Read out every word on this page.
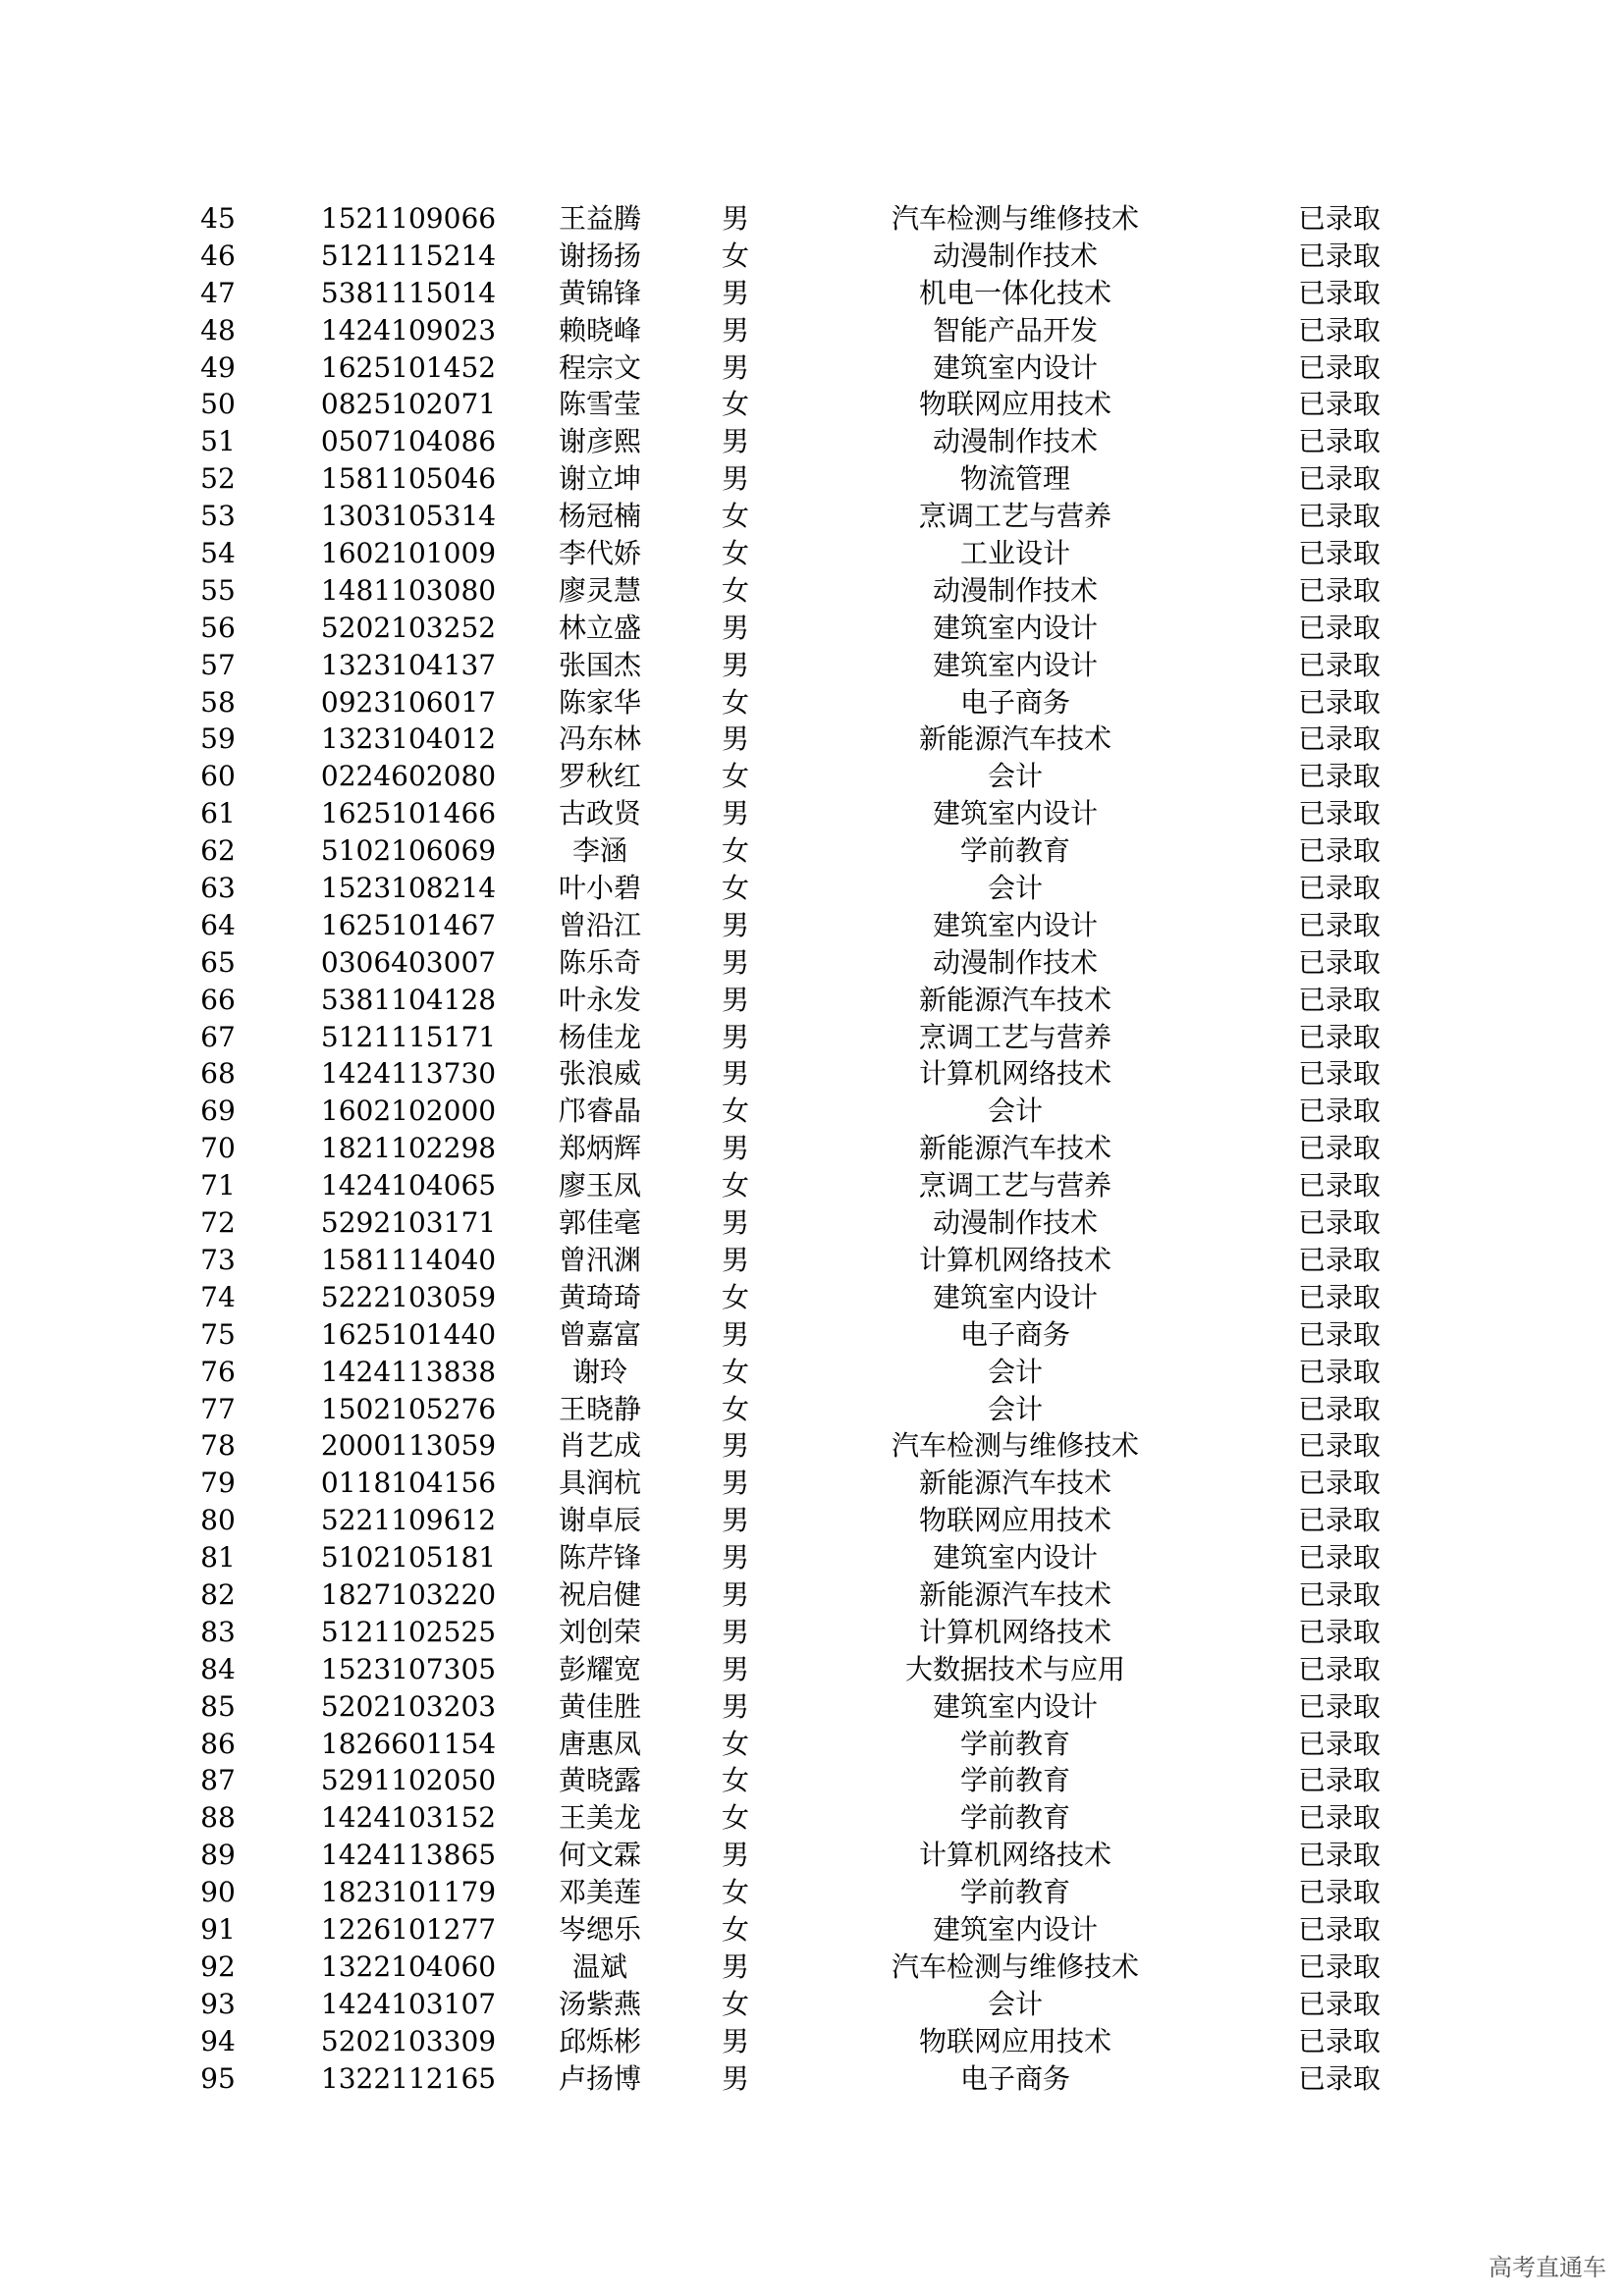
45	1521109066 王益腾	男	汽车检测与维修技术	已录取
46	5121115214 谢扬扬	女	动漫制作技术	已录取
47	5381115014 黄锦锋	男	机电一体化技术	已录取
48	1424109023 赖晓峰	男	智能产品开发	已录取
49	1625101452 程宗文	男	建筑室内设计	已录取
50	0825102071 陈雪莹	女	物联网应用技术	已录取
51	0507104086 谢彦熙	男	动漫制作技术	已录取
52	1581105046 谢立坤	男	物流管理	已录取
53	1303105314 杨冠楠	女	烹调工艺与营养	已录取
54	1602101009 李代娇	女	工业设计	已录取
55	1481103080 廖灵慧	女	动漫制作技术	已录取
56	5202103252 林立盛	男	建筑室内设计	已录取
57	1323104137 张国杰	男	建筑室内设计	已录取
58	0923106017 陈家华	女	电子商务	已录取
59	1323104012 冯东林	男	新能源汽车技术	已录取
60	0224602080 罗秋红	女	会计	已录取
61	1625101466 古政贤	男	建筑室内设计	已录取
62	5102106069	李涵	女	学前教育	已录取
63	1523108214 叶小碧	女	会计	已录取
64	1625101467 曾沿江	男	建筑室内设计	已录取
65	0306403007 陈乐奇	男	动漫制作技术	已录取
66	5381104128 叶永发	男	新能源汽车技术	已录取
67	5121115171 杨佳龙	男	烹调工艺与营养	已录取
68	1424113730 张浪威	男	计算机网络技术	已录取
69	1602102000 邝睿晶	女	会计	已录取
70	1821102298 郑炳辉	男	新能源汽车技术	已录取
71	1424104065 廖玉凤	女	烹调工艺与营养	已录取
72	5292103171 郭佳毫	男	动漫制作技术	已录取
73	1581114040 曾汛渊	男	计算机网络技术	已录取
74	5222103059 黄琦琦	女	建筑室内设计	已录取
75	1625101440 曾嘉富	男	电子商务	已录取
76	1424113838	谢玲	女	会计	已录取
77	1502105276 王晓静	女	会计	已录取
78	2000113059 肖艺成	男	汽车检测与维修技术	已录取
79	0118104156 具润杭	男	新能源汽车技术	已录取
80	5221109612 谢卓辰	男	物联网应用技术	已录取
81	5102105181 陈芹锋	男	建筑室内设计	已录取
82	1827103220 祝启健	男	新能源汽车技术	已录取
83	5121102525 刘创荣	男	计算机网络技术	已录取
84	1523107305 彭耀宽	男	大数据技术与应用	已录取
85	5202103203 黄佳胜	男	建筑室内设计	已录取
86	1826601154 唐惠凤	女	学前教育	已录取
87	5291102050 黄晓露	女	学前教育	已录取
88	1424103152 王美龙	女	学前教育	已录取
89	1424113865 何文霖	男	计算机网络技术	已录取
90	1823101179 邓美莲	女	学前教育	已录取
91	1226101277 岑缌乐	女	建筑室内设计	已录取
92	1322104060	温斌	男	汽车检测与维修技术	已录取
93	1424103107 汤紫燕	女	会计	已录取
94	5202103309 邱烁彬	男	物联网应用技术	已录取
95	1322112165 卢扬博	男	电子商务	已录取
高考直通车
